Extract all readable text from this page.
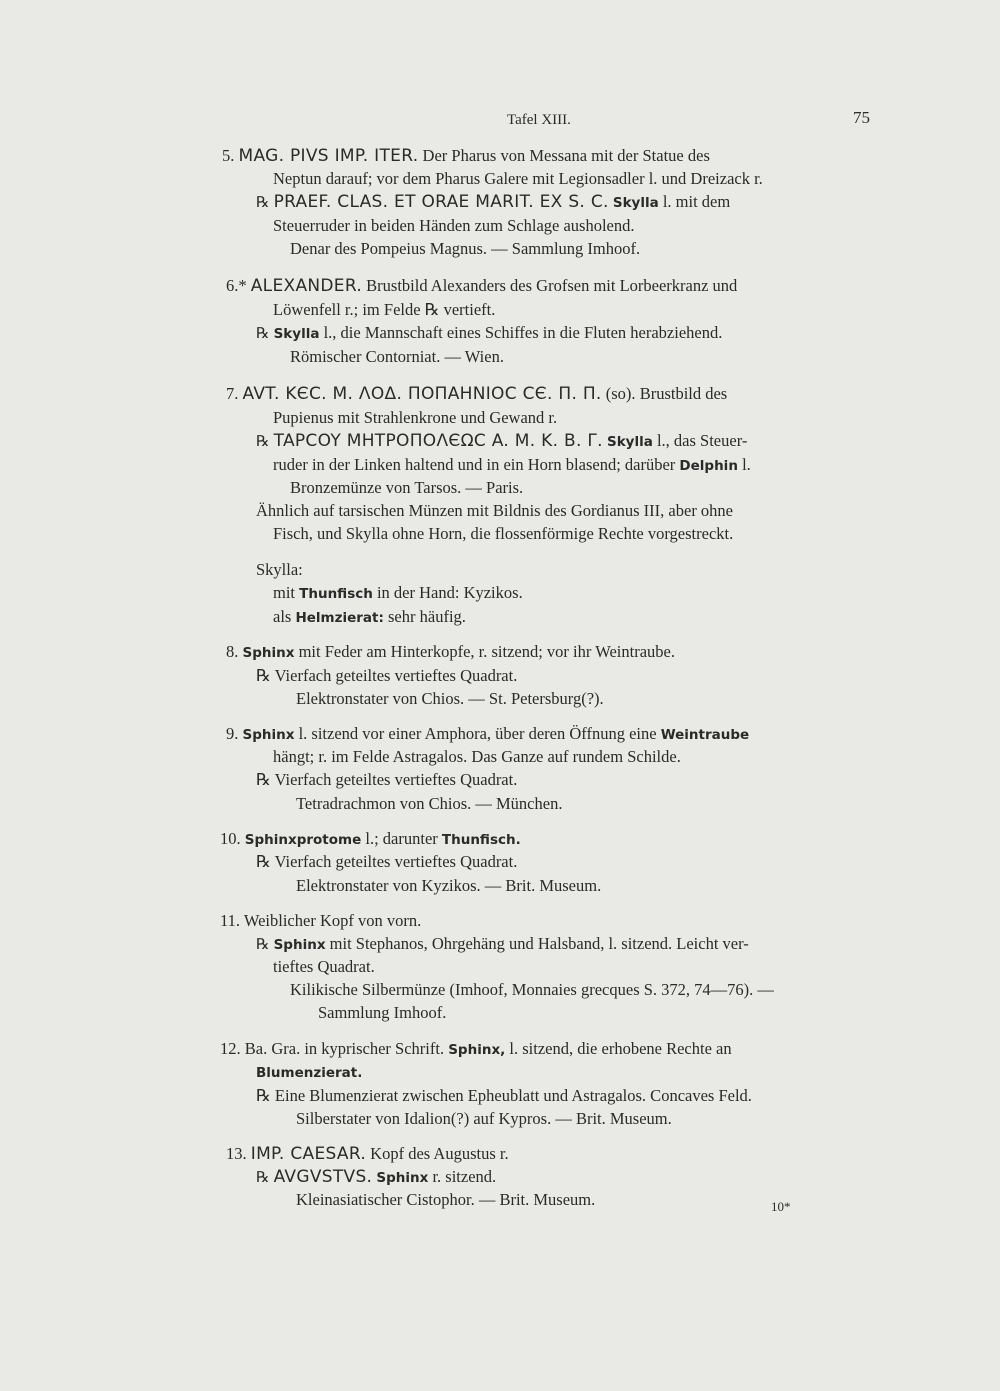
Tafel XIII.	75
5. MAG. PIVS IMP. ITER. Der Pharus von Messana mit der Statue des
Neptun darauf; vor dem Pharus Galere mit Legionsadler l. und Dreizack r.
℞ PRAEF. CLAS. ET ORAE MARIT. EX S. C. Skylla l. mit dem
Steuerruder in beiden Händen zum Schlage ausholend.
Denar des Pompeius Magnus. — Sammlung Imhoof.
6.* ALEXANDER. Brustbild Alexanders des Grofsen mit Lorbeerkranz und
Löwenfell r.; im Felde ℞ vertieft.
℞ Skylla l., die Mannschaft eines Schiffes in die Fluten herabziehend.
Römischer Contorniat. — Wien.
7. AVT. KЄC. M. ΛOΔ. ΠOΠΑΗΝΙΟC CЄ. Π. Π. (so). Brustbild des
Pupienus mit Strahlenkrone und Gewand r.
℞ TAPCOY MHTPOΠOΛЄΩC A. M. K. B. Γ. Skylla l., das Steuer-
ruder in der Linken haltend und in ein Horn blasend; darüber Delphin l.
Bronzemünze von Tarsos. — Paris.
Ähnlich auf tarsischen Münzen mit Bildnis des Gordianus III, aber ohne
Fisch, und Skylla ohne Horn, die flossenförmige Rechte vorgestreckt.
Skylla:
mit Thunfisch in der Hand: Kyzikos.
als Helmzierat: sehr häufig.
8. Sphinx mit Feder am Hinterkopfe, r. sitzend; vor ihr Weintraube.
℞ Vierfach geteiltes vertieftes Quadrat.
Elektronstater von Chios. — St. Petersburg(?).
9. Sphinx l. sitzend vor einer Amphora, über deren Öffnung eine Weintraube
hängt; r. im Felde Astragalos. Das Ganze auf rundem Schilde.
℞ Vierfach geteiltes vertieftes Quadrat.
Tetradrachmon von Chios. — München.
10. Sphinxprotome l.; darunter Thunfisch.
℞ Vierfach geteiltes vertieftes Quadrat.
Elektronstater von Kyzikos. — Brit. Museum.
11. Weiblicher Kopf von vorn.
℞ Sphinx mit Stephanos, Ohrgehäng und Halsband, l. sitzend. Leicht ver-
tieftes Quadrat.
Kilikische Silbermünze (Imhoof, Monnaies grecques S. 372, 74—76). —
Sammlung Imhoof.
12. Ba. Gra. in kyprischer Schrift. Sphinx, l. sitzend, die erhobene Rechte an
Blumenzierat.
℞ Eine Blumenzierat zwischen Epheublatt und Astragalos. Concaves Feld.
Silberstater von Idalion(?) auf Kypros. — Brit. Museum.
13. IMP. CAESAR. Kopf des Augustus r.
℞ AVGVSTVS. Sphinx r. sitzend.
Kleinasiatischer Cistophor. — Brit. Museum.	10*
